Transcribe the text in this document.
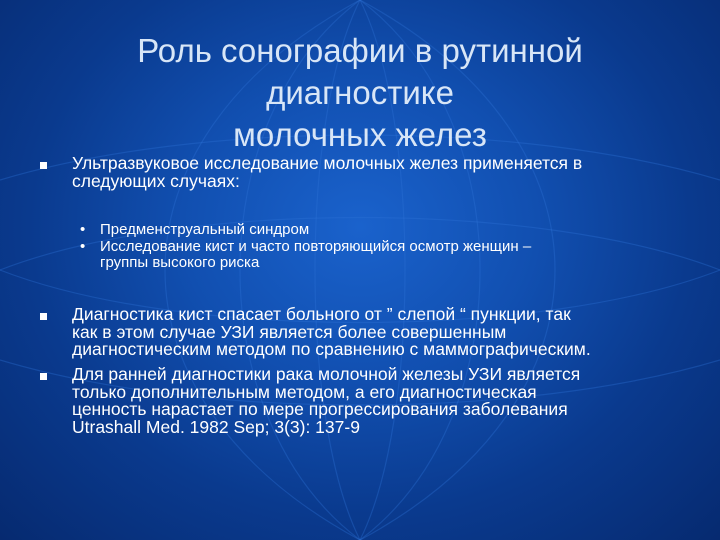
Роль сонографии в рутинной диагностике
молочных желез
Ультразвуковое исследование молочных желез применяется в
следующих случаях:
• Предменструальный синдром
• Исследование кист и часто повторяющийся осмотр женщин –
группы высокого риска
Диагностика кист спасает больного от ” слепой “ пункции, так
как в этом случае УЗИ является более совершенным
диагностическим методом по сравнению с маммографическим.
Для ранней диагностики рака молочной железы УЗИ является
только дополнительным методом, а его диагностическая
ценность нарастает по мере прогрессирования заболевания
Utrashall Med. 1982 Sep; 3(3): 137-9
